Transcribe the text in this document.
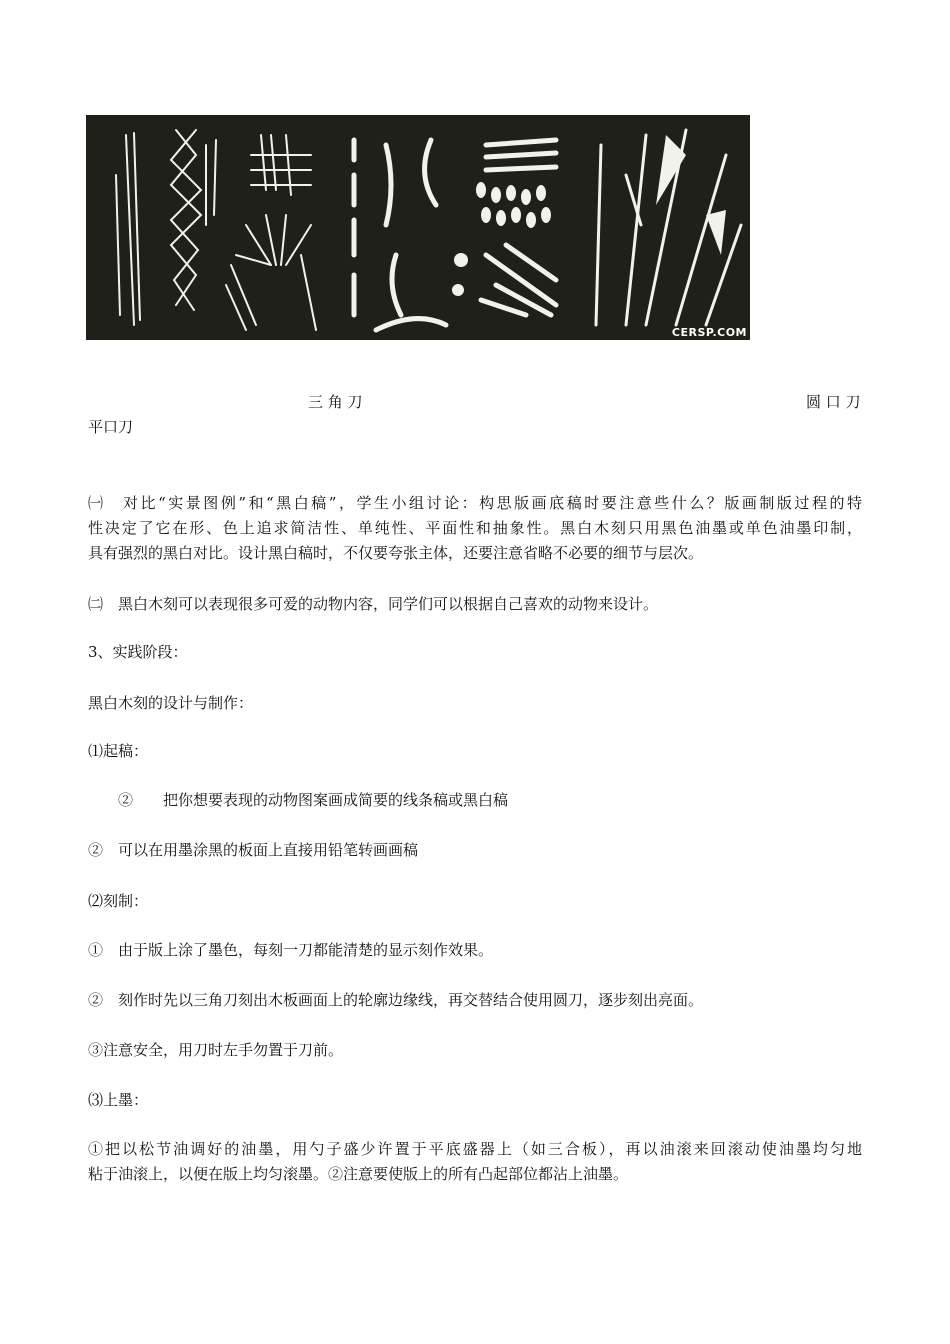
CERSP.COM
三 角 刀	圆 口 刀
平口刀
㈠　对比“实景图例”和“黑白稿”，学生小组讨论：构思版画底稿时要注意些什么？版画制版过程的特
性决定了它在形、色上追求简洁性、单纯性、平面性和抽象性。黑白木刻只用黑色油墨或单色油墨印制，
具有强烈的黑白对比。设计黑白稿时，不仅要夸张主体，还要注意省略不必要的细节与层次。
㈡　黑白木刻可以表现很多可爱的动物内容，同学们可以根据自己喜欢的动物来设计。
3、实践阶段：
黑白木刻的设计与制作：
⑴起稿：
②　　把你想要表现的动物图案画成简要的线条稿或黑白稿
②　可以在用墨涂黑的板面上直接用铅笔转画画稿
⑵刻制：
①　由于版上涂了墨色，每刻一刀都能清楚的显示刻作效果。
②　刻作时先以三角刀刻出木板画面上的轮廓边缘线，再交替结合使用圆刀，逐步刻出亮面。
③注意安全，用刀时左手勿置于刀前。
⑶上墨：
①把以松节油调好的油墨，用勺子盛少许置于平底盛器上（如三合板），再以油滚来回滚动使油墨均匀地
粘于油滚上，以便在版上均匀滚墨。②注意要使版上的所有凸起部位都沾上油墨。
